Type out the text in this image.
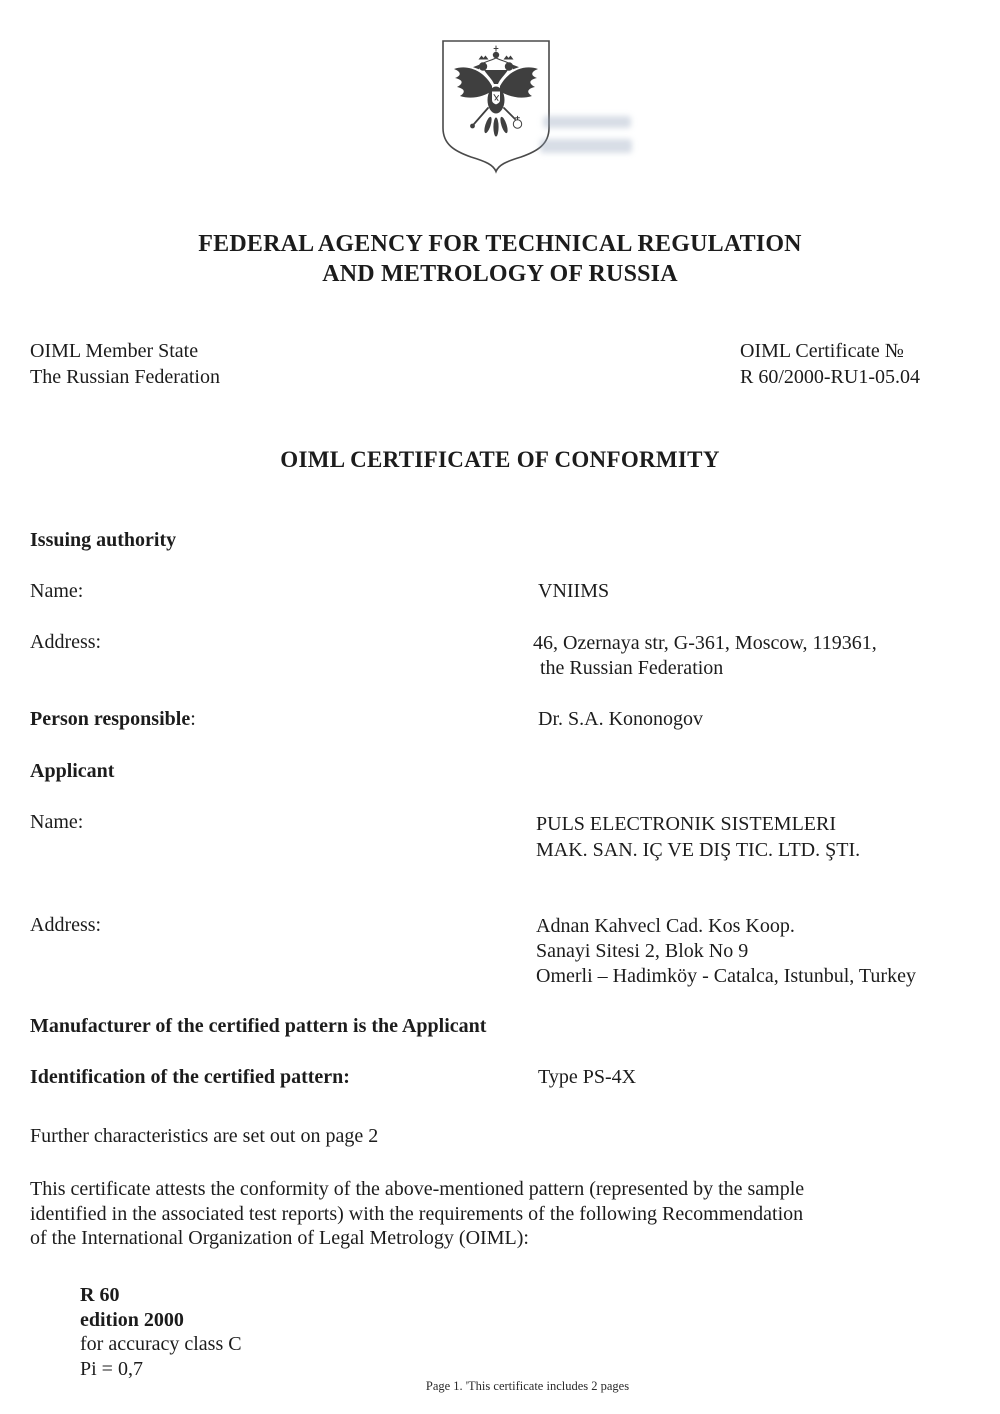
FEDERAL AGENCY FOR TECHNICAL REGULATION
AND METROLOGY OF RUSSIA
OIML Member State
The Russian Federation
OIML Certificate №
R 60/2000-RU1-05.04
OIML CERTIFICATE OF CONFORMITY
Issuing authority
Name:	VNIIMS
Address:	46, Ozernaya str, G-361, Moscow, 119361,
the Russian Federation
Person responsible:	Dr. S.A. Kononogov
Applicant
Name:	PULS ELECTRONIK SISTEMLERI
MAK. SAN. IÇ VE DIŞ TIC. LTD. ŞTI.
Address:	Adnan Kahvecl Cad. Kos Koop.
Sanayi Sitesi 2, Blok No 9
Omerli – Hadimköy - Catalca, Istunbul, Turkey
Manufacturer of the certified pattern is the Applicant
Identification of the certified pattern:	Type PS-4X
Further characteristics are set out on page 2
This certificate attests the conformity of the above-mentioned pattern (represented by the sample
identified in the associated test reports) with the requirements of the following Recommendation
of the International Organization of Legal Metrology (OIML):
R 60
edition 2000
for accuracy class C
Pi = 0,7
Page 1. 'This certificate includes 2 pages
